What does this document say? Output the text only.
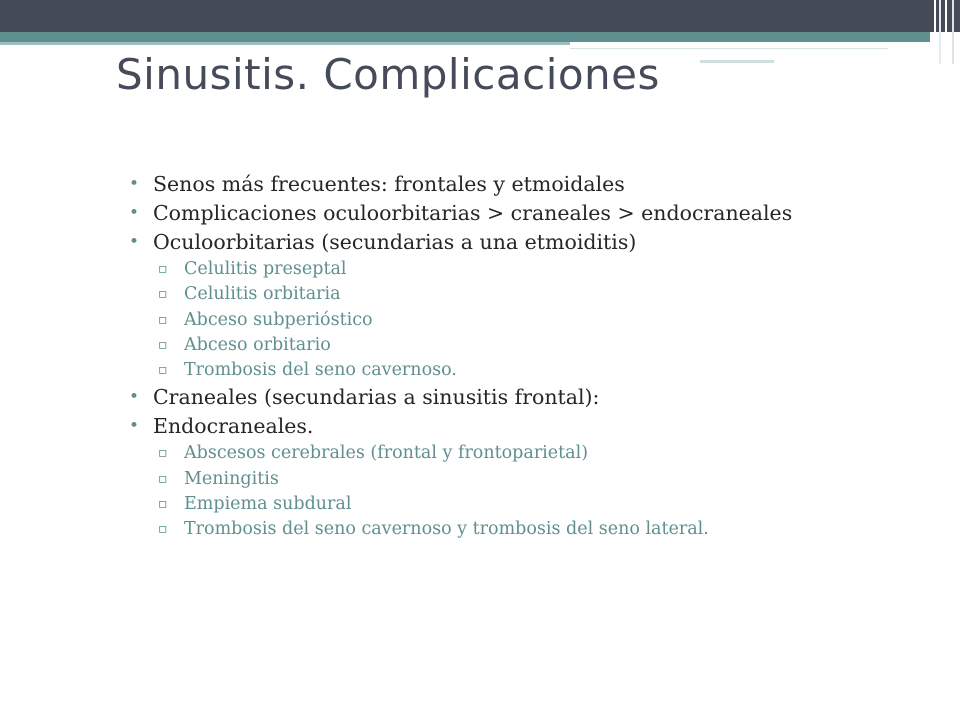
Sinusitis. Complicaciones
• Senos más frecuentes: frontales y etmoidales
• Complicaciones oculoorbitarias > craneales > endocraneales
• Oculoorbitarias (secundarias a una etmoiditis)
▫ Celulitis preseptal
▫ Celulitis orbitaria
▫ Abceso subperióstico
▫ Abceso orbitario
▫ Trombosis del seno cavernoso.
• Craneales (secundarias a sinusitis frontal):
• Endocraneales.
▫ Abscesos cerebrales (frontal y frontoparietal)
▫ Meningitis
▫ Empiema subdural
▫ Trombosis del seno cavernoso y trombosis del seno lateral.
